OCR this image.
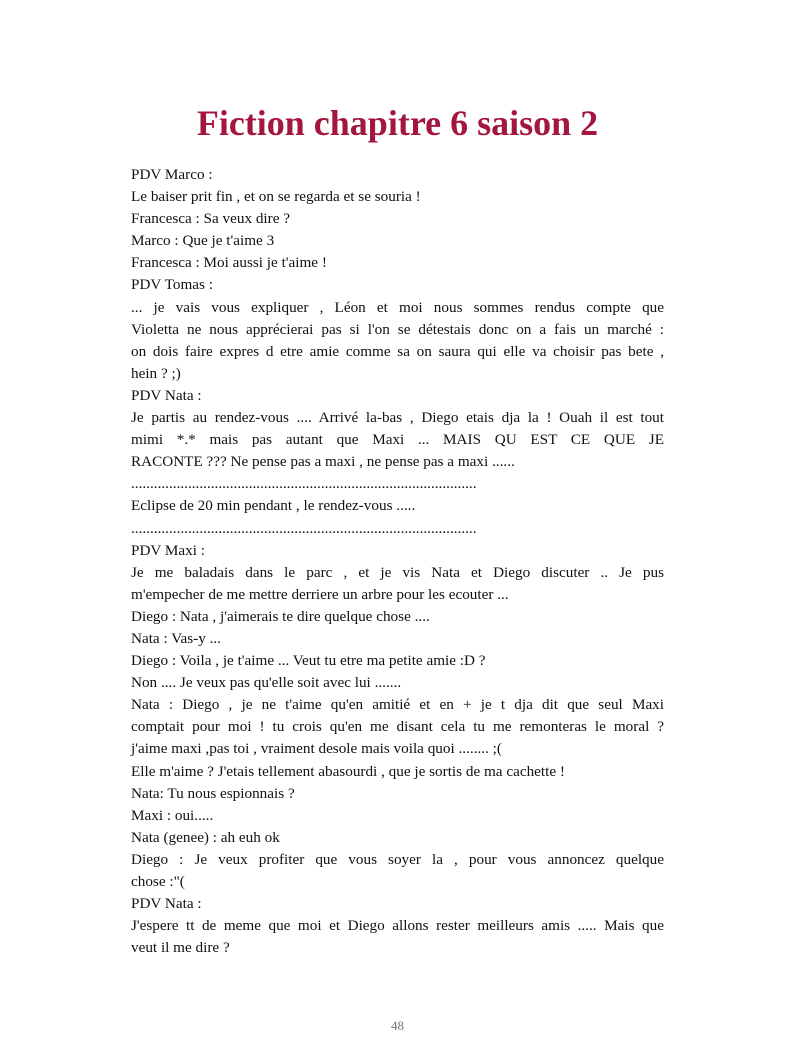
Fiction chapitre 6 saison 2
PDV Marco :
Le baiser prit fin , et on se regarda et se souria !
Francesca : Sa veux dire ?
Marco : Que je t'aime 3
Francesca : Moi aussi je t'aime !
PDV Tomas :
... je vais vous expliquer , Léon et moi nous sommes rendus compte que
Violetta ne nous apprécierai pas si l'on se détestais donc on a fais un marché :
on dois faire expres d etre amie comme sa on saura qui elle va choisir pas bete ,
hein ? ;)
PDV Nata :
Je partis au rendez-vous .... Arrivé la-bas , Diego etais dja la ! Ouah il est tout
mimi *.* mais pas autant que Maxi ... MAIS QU EST CE QUE JE
RACONTE ??? Ne pense pas a maxi , ne pense pas a maxi ......
...........................................................................................
Eclipse de 20 min pendant , le rendez-vous .....
...........................................................................................
PDV Maxi :
Je me baladais dans le parc , et je vis Nata et Diego discuter .. Je pus
m'empecher de me mettre derriere un arbre pour les ecouter ...
Diego : Nata , j'aimerais te dire quelque chose ....
Nata : Vas-y ...
Diego : Voila , je t'aime ... Veut tu etre ma petite amie :D ?
Non .... Je veux pas qu'elle soit avec lui .......
Nata : Diego , je ne t'aime qu'en amitié et en + je t dja dit que seul Maxi
comptait pour moi ! tu crois qu'en me disant cela tu me remonteras le moral ?
j'aime maxi ,pas toi , vraiment desole mais voila quoi ........ ;(
Elle m'aime ? J'etais tellement abasourdi , que je sortis de ma cachette !
Nata: Tu nous espionnais ?
Maxi : oui.....
Nata (genee) : ah euh ok
Diego : Je veux profiter que vous soyer la , pour vous annoncez quelque
chose :"(
PDV Nata :
J'espere tt de meme que moi et Diego allons rester meilleurs amis ..... Mais que
veut il me dire ?
48
